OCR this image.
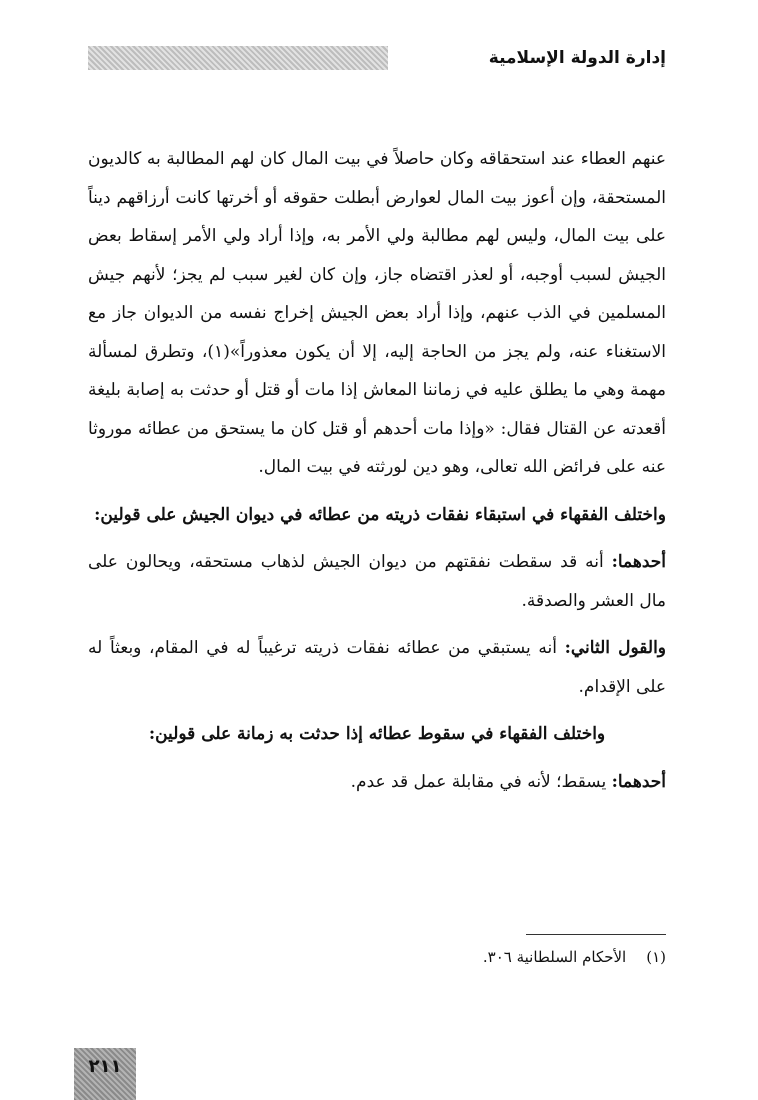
إدارة الدولة الإسلامية

عنهم العطاء عند استحقاقه وكان حاصلاً في بيت المال كان لهم المطالبة به كالديون المستحقة، وإن أعوز بيت المال لعوارض أبطلت حقوقه أو أخرتها كانت أرزاقهم ديناً على بيت المال، وليس لهم مطالبة ولي الأمر به، وإذا أراد ولي الأمر إسقاط بعض الجيش لسبب أوجبه، أو لعذر اقتضاه جاز، وإن كان لغير سبب لم يجز؛ لأنهم جيش المسلمين في الذب عنهم، وإذا أراد بعض الجيش إخراج نفسه من الديوان جاز مع الاستغناء عنه، ولم يجز من الحاجة إليه، إلا أن يكون معذوراً»(١)، وتطرق لمسألة مهمة وهي ما يطلق عليه في زماننا المعاش إذا مات أو قتل أو حدثت به إصابة بليغة أقعدته عن القتال فقال: «وإذا مات أحدهم أو قتل كان ما يستحق من عطائه موروثا عنه على فرائض الله تعالى، وهو دين لورثته في بيت المال.

واختلف الفقهاء في استبقاء نفقات ذريته من عطائه في ديوان الجيش على قولين:

أحدهما: أنه قد سقطت نفقتهم من ديوان الجيش لذهاب مستحقه، ويحالون على مال العشر والصدقة.

والقول الثاني: أنه يستبقي من عطائه نفقات ذريته ترغيباً له في المقام، وبعثاً له على الإقدام.

واختلف الفقهاء في سقوط عطائه إذا حدثت به زمانة على قولين:

أحدهما: يسقط؛ لأنه في مقابلة عمل قد عدم.

(١)الأحكام السلطانية ٣٠٦.
٢١١
